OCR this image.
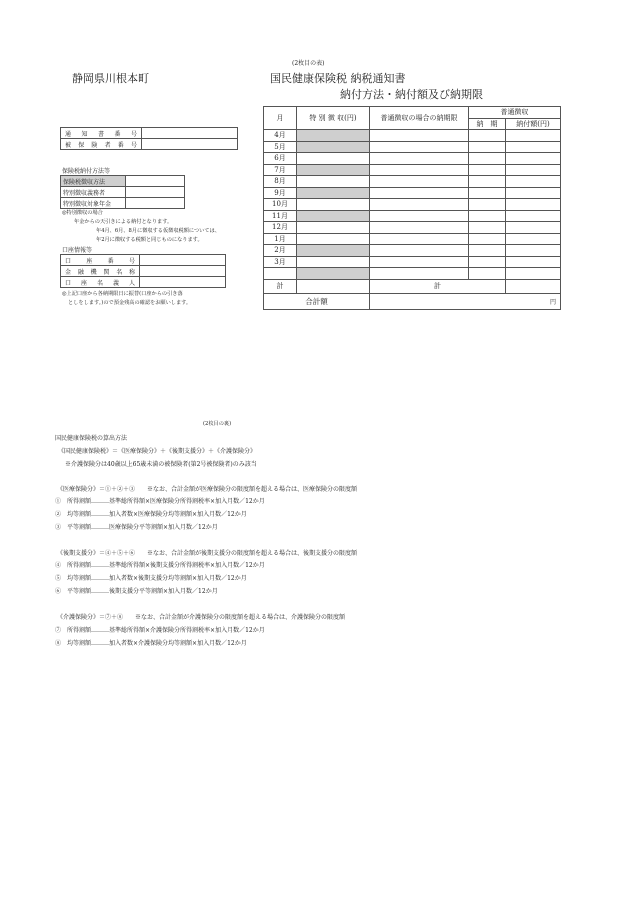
(2枚目の表)
静岡県川根本町	国民健康保険税 納税通知書
納付方法・納付額及び納期限
通 知 書 番 号	
被保険者番号	
保険税納付方法等
保険税徴収方法	
特別徴収義務者	
特別徴収対象年金	
◎特別徴収の場合
年金からの天引きによる納付となります。
年4月、6月、8月に徴収する仮徴収税額については、
年2月に徴収する税額と同じものになります。
口座情報等
口 座 番 号	
金融機関名称	
口 座 名 義 人	
◎上記口座から各納期限日に振替(口座からの引き落
としをします。)ので預金残高の確認をお願いします。
月	特 別 徴 収(円)	普通徴収の場合の納期限	普通徴収	
			納　期	納付額(円)
4月				
5月				
6月				
7月				
8月				
9月				
10月				
11月				
12月				
1月				
2月				
3月				

計		計		
合計額		円		
(2枚目の裏)
国民健康保険税の算出方法
《国民健康保険税》＝《医療保険分》＋《後期支援分》＋《介護保険分》
※介護保険分は40歳以上65歳未満の被保険者(第2号被保険者)のみ該当
《医療保険分》＝①＋②＋③　　※なお、合計金額が医療保険分の限度額を超える場合は、医療保険分の限度額
①　 所得割額………基準総所得額×医療保険分所得割税率×加入月数／12か月
②　 均等割額………加入者数×医療保険分均等割額×加入月数／12か月
③　 平等割額………医療保険分平等割額×加入月数／12か月
《後期支援分》＝④＋⑤＋⑥　　※なお、合計金額が後期支援分の限度額を超える場合は、後期支援分の限度額
④　 所得割額………基準総所得額×後期支援分所得割税率×加入月数／12か月
⑤　 均等割額………加入者数×後期支援分均等割額×加入月数／12か月
⑥　 平等割額………後期支援分平等割額×加入月数／12か月
《介護保険分》＝⑦＋⑧　　※なお、合計金額が介護保険分の限度額を超える場合は、介護保険分の限度額
⑦　 所得割額………基準総所得額×介護保険分所得割税率×加入月数／12か月
⑧　 均等割額………加入者数×介護保険分均等割額×加入月数／12か月
